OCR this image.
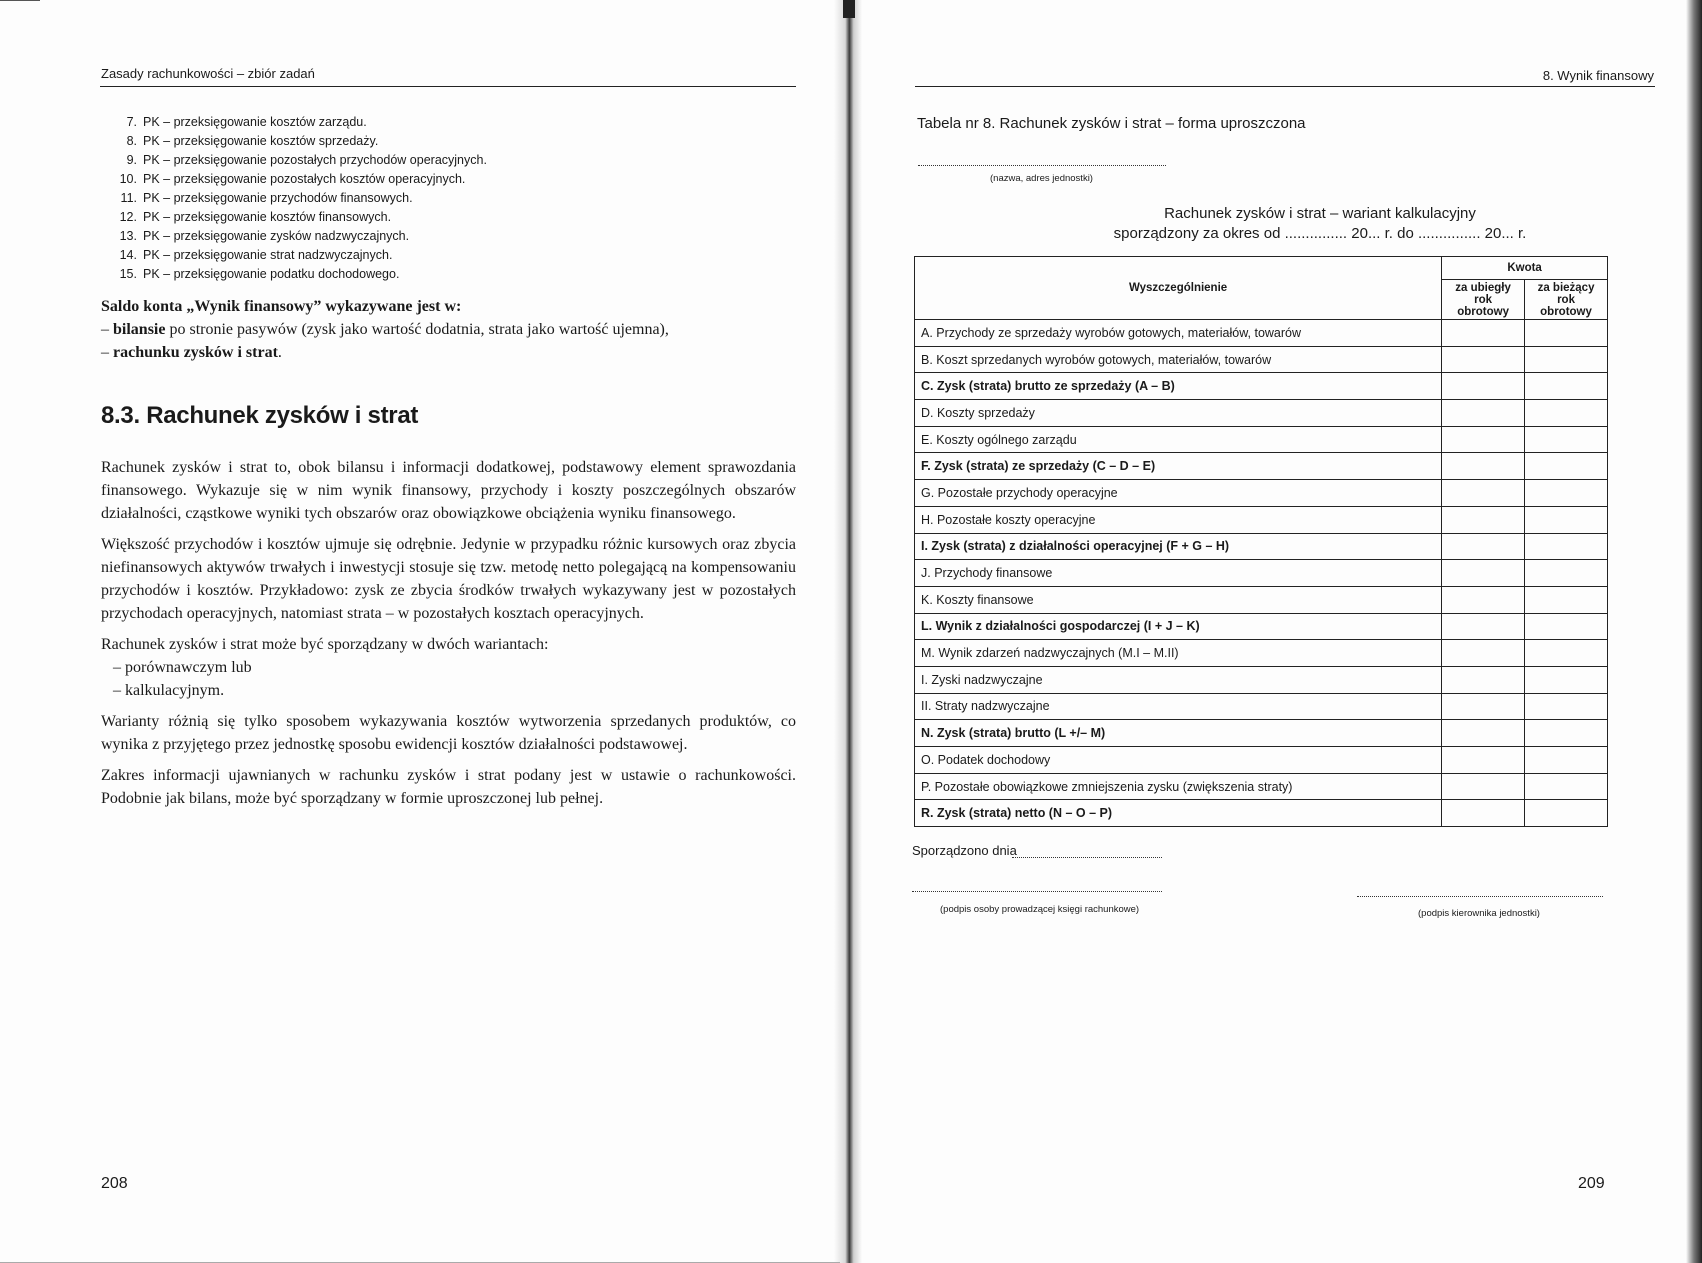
Zasady rachunkowości – zbiór zadań
7. PK – przeksięgowanie kosztów zarządu.
8. PK – przeksięgowanie kosztów sprzedaży.
9. PK – przeksięgowanie pozostałych przychodów operacyjnych.
10. PK – przeksięgowanie pozostałych kosztów operacyjnych.
11. PK – przeksięgowanie przychodów finansowych.
12. PK – przeksięgowanie kosztów finansowych.
13. PK – przeksięgowanie zysków nadzwyczajnych.
14. PK – przeksięgowanie strat nadzwyczajnych.
15. PK – przeksięgowanie podatku dochodowego.

Saldo konta „Wynik finansowy” wykazywane jest w:

– bilansie po stronie pasywów (zysk jako wartość dodatnia, strata jako wartość ujemna),
– rachunku zysków i strat.
8.3. Rachunek zysków i strat

Rachunek zysków i strat to, obok bilansu i informacji dodatkowej, podstawowy element sprawozdania finansowego. Wykazuje się w nim wynik finansowy, przychody i koszty poszczególnych obszarów działalności, cząstkowe wyniki tych obszarów oraz obowiązkowe obciążenia wyniku finansowego.

Większość przychodów i kosztów ujmuje się odrębnie. Jedynie w przypadku różnic kursowych oraz zbycia niefinansowych aktywów trwałych i inwestycji stosuje się tzw. metodę netto polegającą na kompensowaniu przychodów i kosztów. Przykładowo: zysk ze zbycia środków trwałych wykazywany jest w pozostałych przychodach operacyjnych, natomiast strata – w pozostałych kosztach operacyjnych.

Rachunek zysków i strat może być sporządzany w dwóch wariantach:

– porównawczym lub
– kalkulacyjnym.

Warianty różnią się tylko sposobem wykazywania kosztów wytworzenia sprzedanych produktów, co wynika z przyjętego przez jednostkę sposobu ewidencji kosztów działalności podstawowej.

Zakres informacji ujawnianych w rachunku zysków i strat podany jest w ustawie o rachunkowości. Podobnie jak bilans, może być sporządzany w formie uproszczonej lub pełnej.

208
8. Wynik finansowy
Tabela nr 8. Rachunek zysków i strat – forma uproszczona
(nazwa, adres jednostki)
Rachunek zysków i strat – wariant kalkulacyjny
sporządzony za okres od ............... 20... r. do ............... 20... r.
Wyszczególnienie	Kwota	
	za ubiegły rok obrotowy	za bieżący rok obrotowy
A. Przychody ze sprzedaży wyrobów gotowych, materiałów, towarów		
B. Koszt sprzedanych wyrobów gotowych, materiałów, towarów		
C. Zysk (strata) brutto ze sprzedaży (A – B)		
D. Koszty sprzedaży		
E. Koszty ogólnego zarządu		
F. Zysk (strata) ze sprzedaży (C – D – E)		
G. Pozostałe przychody operacyjne		
H. Pozostałe koszty operacyjne		
I. Zysk (strata) z działalności operacyjnej (F + G – H)		
J. Przychody finansowe		
K. Koszty finansowe		
L. Wynik z działalności gospodarczej (I + J – K)		
M. Wynik zdarzeń nadzwyczajnych (M.I – M.II)		
I. Zyski nadzwyczajne		
II. Straty nadzwyczajne		
N. Zysk (strata) brutto (L +/– M)		
O. Podatek dochodowy		
P. Pozostałe obowiązkowe zmniejszenia zysku (zwiększenia straty)		
R. Zysk (strata) netto (N – O – P)		
Sporządzono dnia
(podpis osoby prowadzącej księgi rachunkowe)	(podpis kierownika jednostki)
209
